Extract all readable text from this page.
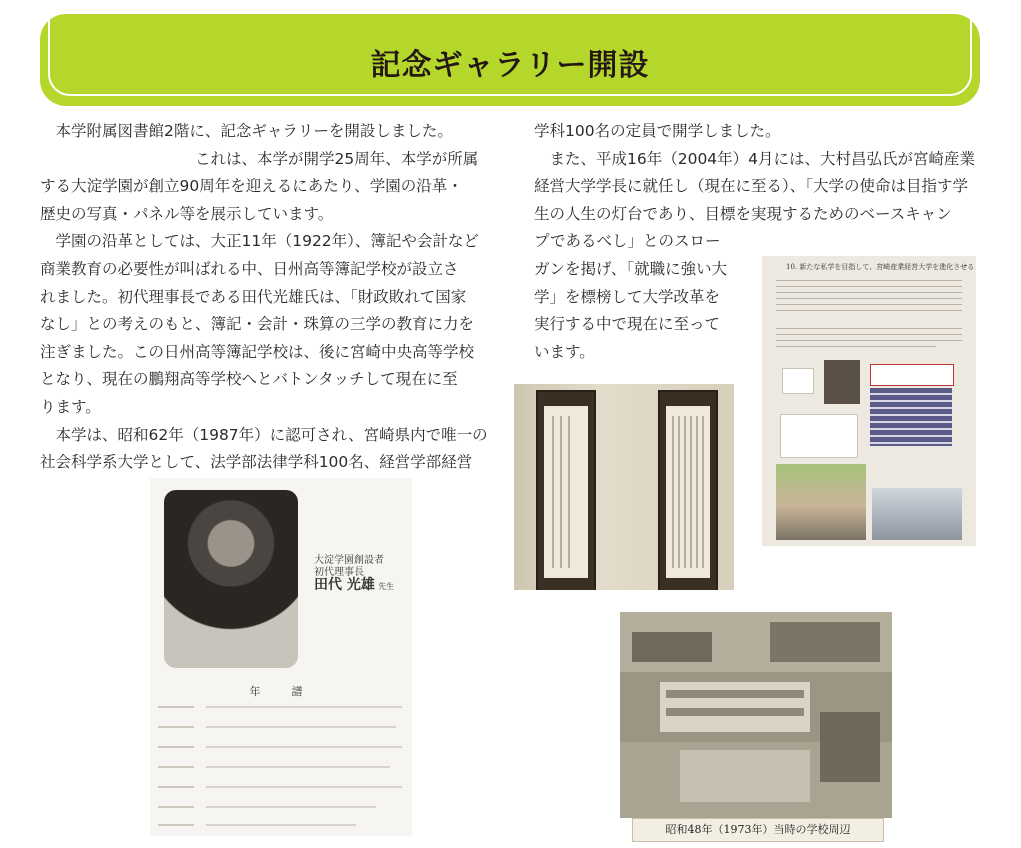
記念ギャラリー開設

　本学附属図書館2階に、記念ギャラリーを開設しました。

　　　　　　　　　　これは、本学が開学25周年、本学が所属

する大淀学園が創立90周年を迎えるにあたり、学園の沿革・

歴史の写真・パネル等を展示しています。

　学園の沿革としては、大正11年（1922年）、簿記や会計など

商業教育の必要性が叫ばれる中、日州高等簿記学校が設立さ

れました。初代理事長である田代光雄氏は、「財政敗れて国家

なし」との考えのもと、簿記・会計・珠算の三学の教育に力を

注ぎました。この日州高等簿記学校は、後に宮崎中央高等学校

となり、現在の鵬翔高等学校へとバトンタッチして現在に至

ります。

　本学は、昭和62年（1987年）に認可され、宮崎県内で唯一の

社会科学系大学として、法学部法律学科100名、経営学部経営

学科100名の定員で開学しました。

　また、平成16年（2004年）4月には、大村昌弘氏が宮崎産業

経営大学学長に就任し（現在に至る）、「大学の使命は目指す学

生の人生の灯台であり、目標を実現するためのベースキャン

プであるべし」とのスロー

ガンを掲げ、「就職に強い大

学」を標榜して大学改革を

実行する中で現在に至って

います。

大淀学園創設者
初代理事長
田代 光雄 先生
年　譜
10. 新たな私学を目指して、宮崎産業経営大学を進化させる
昭和48年（1973年）当時の学校周辺
